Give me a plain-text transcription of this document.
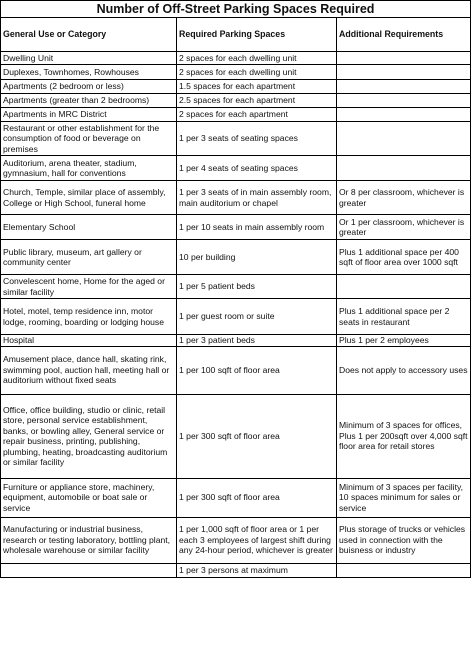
Number of Off-Street Parking Spaces Required
General Use or Category	Required Parking Spaces	Additional Requirements
Dwelling Unit	2 spaces for each dwelling unit	
Duplexes, Townhomes, Rowhouses	2 spaces for each dwelling unit	
Apartments (2 bedroom or less)	1.5 spaces for each apartment	
Apartments (greater than 2 bedrooms)	2.5 spaces for each apartment	
Apartments in MRC District	2 spaces for each apartment	
Restaurant or other establishment for the consumption of food or beverage on premises	1 per 3 seats of seating spaces	
Auditorium, arena theater, stadium, gymnasium, hall for conventions	1 per 4 seats of seating spaces	
Church, Temple, similar place of assembly, College or High School, funeral home	1 per 3 seats of in main assembly room, main auditorium or chapel	Or 8 per classroom, whichever is greater
Elementary School	1 per 10 seats in main assembly room	Or 1 per classroom, whichever is greater
Public library, museum, art gallery or community center	10 per building	Plus 1 additional space per 400 sqft of floor area over 1000 sqft
Convelescent home, Home for the aged or similar facility	1 per 5 patient beds	
Hotel, motel, temp residence inn, motor lodge, rooming, boarding or lodging house	1 per guest room or suite	Plus 1 additional space per 2 seats in restaurant
Hospital	1 per 3 patient beds	Plus 1 per 2 employees
Amusement place, dance hall, skating rink, swimming pool, auction hall, meeting hall or auditorium without fixed seats	1 per 100 sqft of floor area	Does not apply to accessory uses
Office, office building, studio or clinic, retail store, personal service establishment, banks, or bowling alley, General service or repair business, printing, publishing, plumbing, heating, broadcasting auditorium or similar facility	1 per 300 sqft of floor area	Minimum of 3 spaces for offices, Plus 1 per 200sqft over 4,000 sqft floor area for retail stores
Furniture or appliance store, machinery, equipment, automobile or boat sale or service	1 per 300 sqft of floor area	Minimum of 3 spaces per facility, 10 spaces minimum for sales or service
Manufacturing or industrial business, research or testing laboratory, bottling plant, wholesale warehouse or similar facility	1 per 1,000 sqft of floor area or 1 per each 3 employees of largest shift during any 24-hour period, whichever is greater	Plus storage of trucks or vehicles used in connection with the buisness or industry
	1 per 3 persons at maximum	
